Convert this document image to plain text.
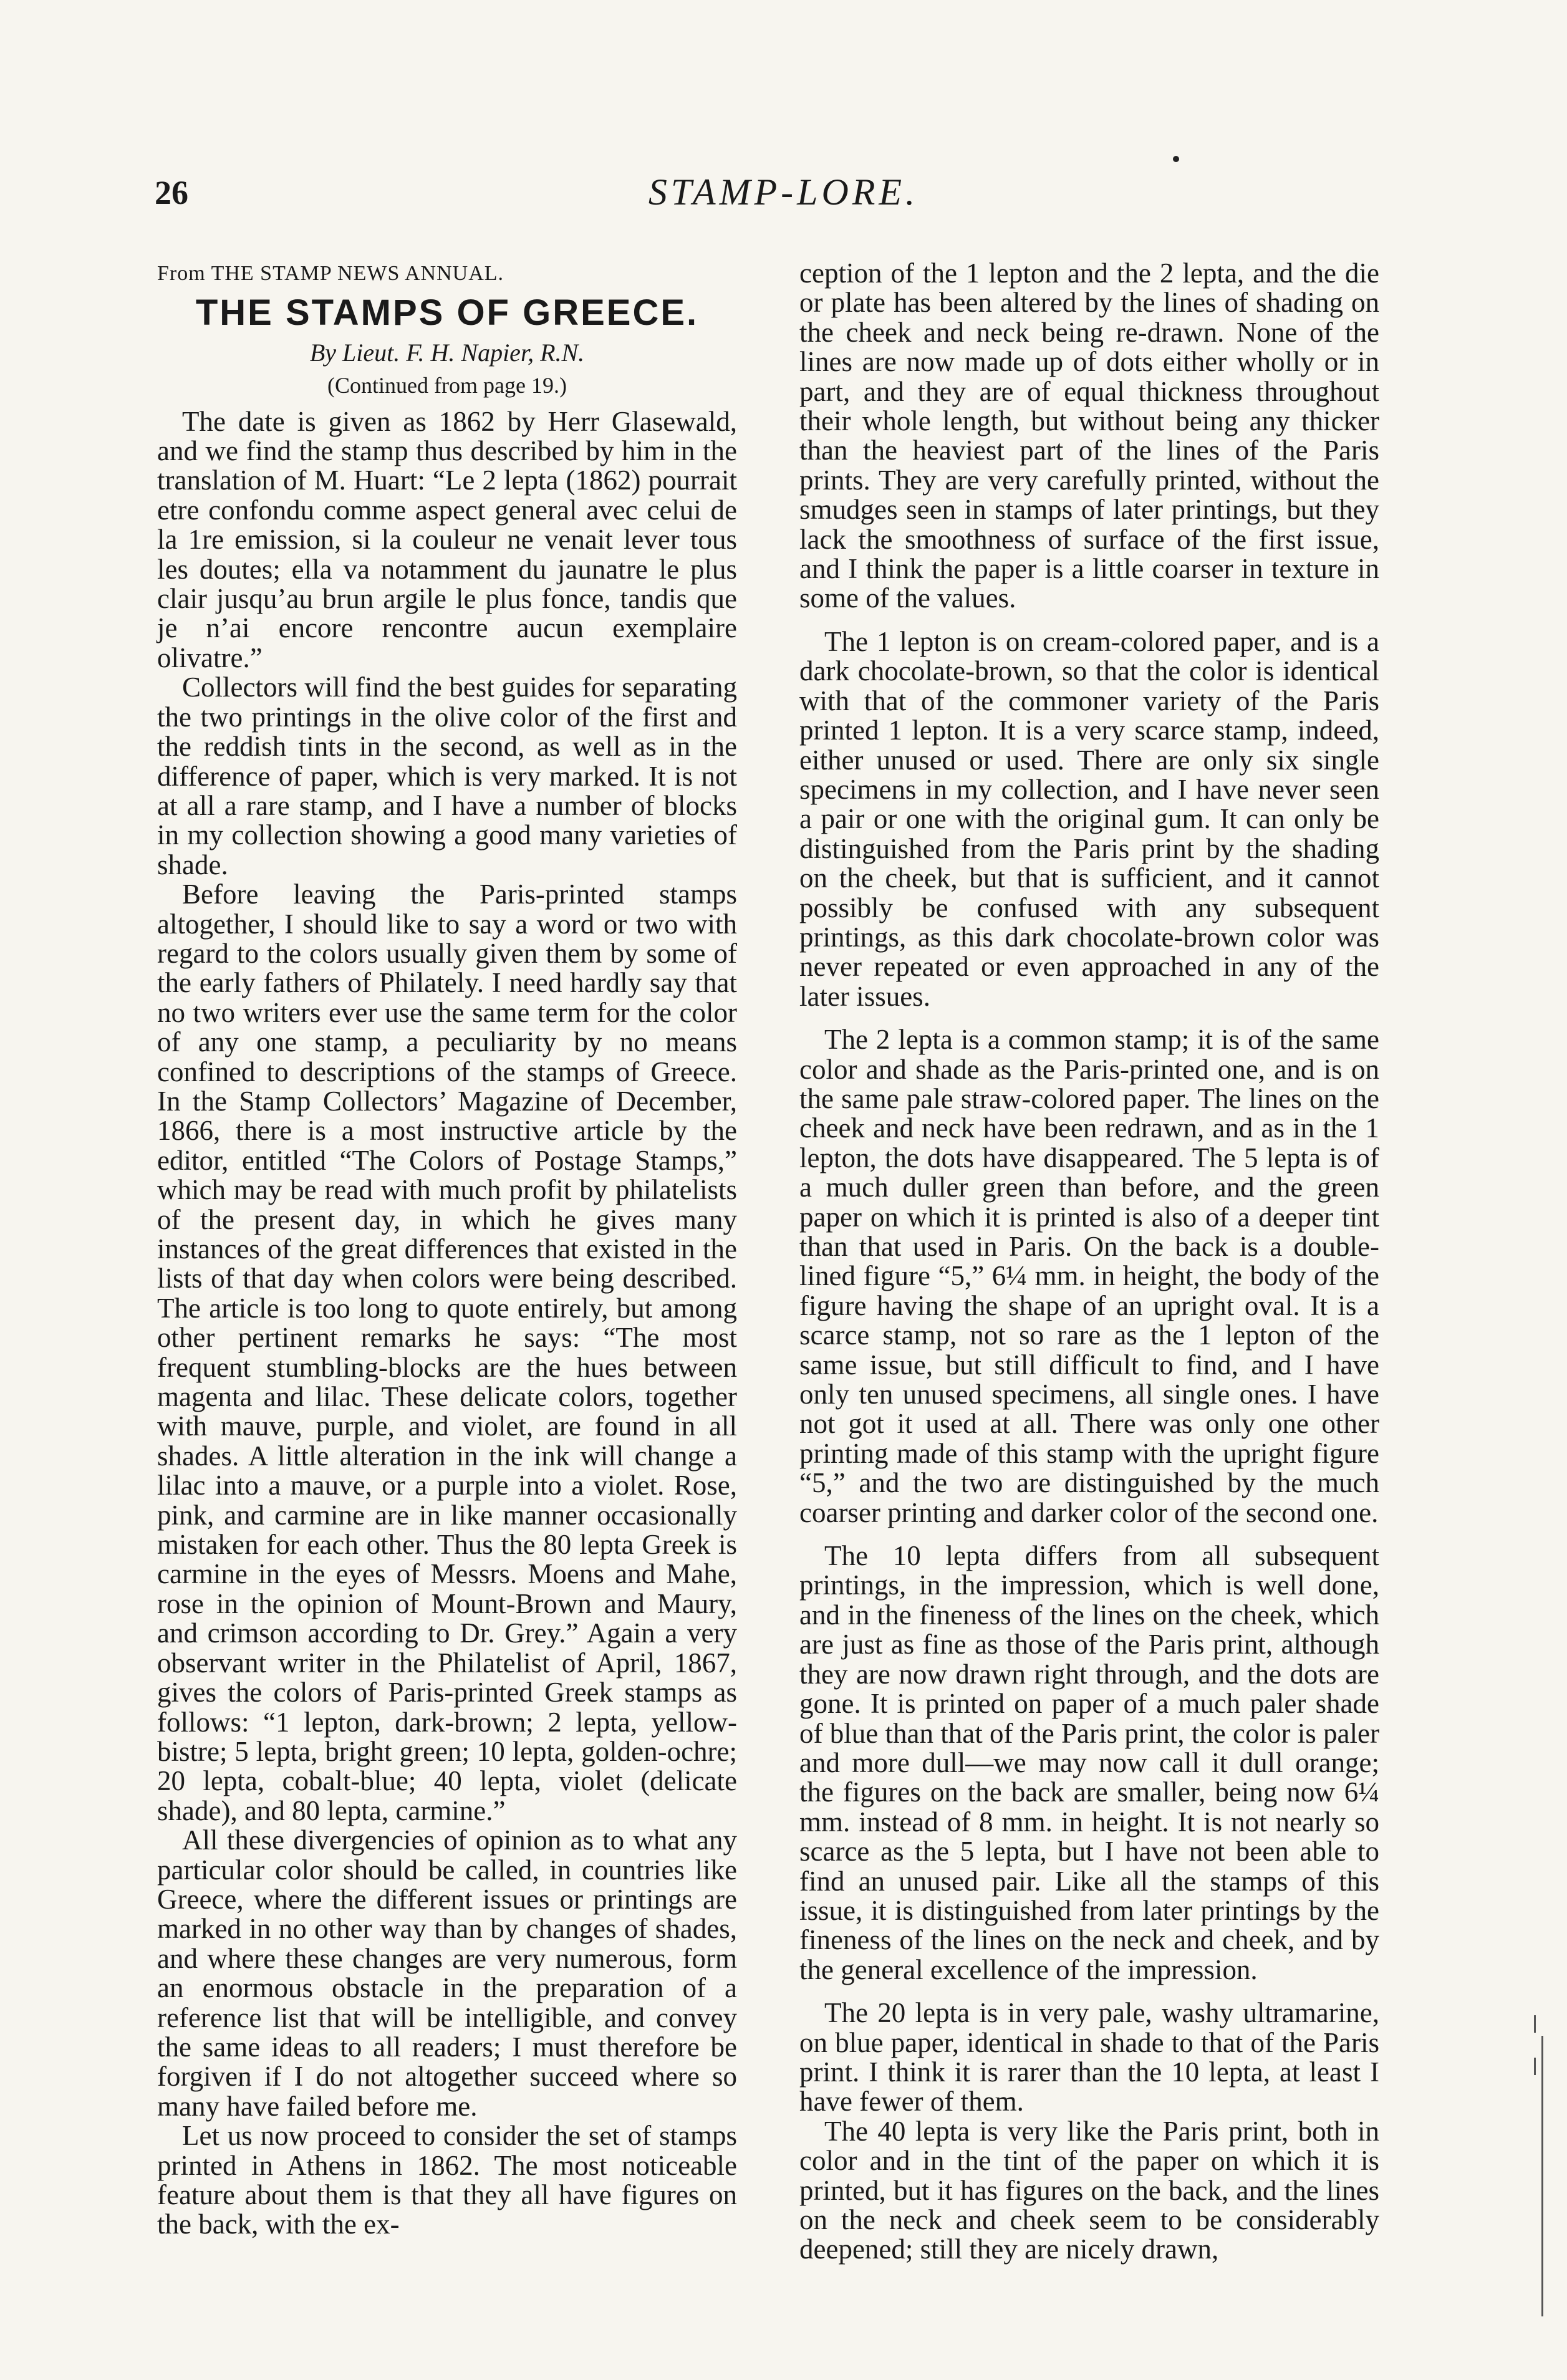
26	STAMP-LORE.
From THE STAMP NEWS ANNUAL.
THE STAMPS OF GREECE.
By Lieut. F. H. Napier, R.N.
(Continued from page 19.)

The date is given as 1862 by Herr Glasewald, and we find the stamp thus described by him in the translation of M. Huart: “Le 2 lepta (1862) pourrait etre confondu comme aspect general avec celui de la 1re emission, si la couleur ne venait lever tous les doutes; ella va notamment du jaunatre le plus clair jusqu’au brun argile le plus fonce, tandis que je n’ai encore rencontre aucun exemplaire olivatre.”

Collectors will find the best guides for separating the two printings in the olive color of the first and the reddish tints in the second, as well as in the difference of paper, which is very marked. It is not at all a rare stamp, and I have a number of blocks in my collection showing a good many varieties of shade.

Before leaving the Paris-printed stamps altogether, I should like to say a word or two with regard to the colors usually given them by some of the early fathers of Philately. I need hardly say that no two writers ever use the same term for the color of any one stamp, a peculiarity by no means confined to descriptions of the stamps of Greece. In the Stamp Collectors’ Magazine of December, 1866, there is a most instructive article by the editor, entitled “The Colors of Postage Stamps,” which may be read with much profit by philatelists of the present day, in which he gives many instances of the great differences that existed in the lists of that day when colors were being described. The article is too long to quote entirely, but among other pertinent remarks he says: “The most frequent stumbling-blocks are the hues between magenta and lilac. These delicate colors, together with mauve, purple, and violet, are found in all shades. A little alteration in the ink will change a lilac into a mauve, or a purple into a violet. Rose, pink, and carmine are in like manner occasionally mistaken for each other. Thus the 80 lepta Greek is carmine in the eyes of Messrs. Moens and Mahe, rose in the opinion of Mount-Brown and Maury, and crimson according to Dr. Grey.” Again a very observant writer in the Philatelist of April, 1867, gives the colors of Paris-printed Greek stamps as follows: “1 lepton, dark-brown; 2 lepta, yellow-bistre; 5 lepta, bright green; 10 lepta, golden-ochre; 20 lepta, cobalt-blue; 40 lepta, violet (delicate shade), and 80 lepta, carmine.”

All these divergencies of opinion as to what any particular color should be called, in countries like Greece, where the different issues or printings are marked in no other way than by changes of shades, and where these changes are very numerous, form an enormous obstacle in the preparation of a reference list that will be intelligible, and convey the same ideas to all readers; I must therefore be forgiven if I do not altogether succeed where so many have failed before me.

Let us now proceed to consider the set of stamps printed in Athens in 1862. The most noticeable feature about them is that they all have figures on the back, with the ex-

ception of the 1 lepton and the 2 lepta, and the die or plate has been altered by the lines of shading on the cheek and neck being re-drawn. None of the lines are now made up of dots either wholly or in part, and they are of equal thickness throughout their whole length, but without being any thicker than the heaviest part of the lines of the Paris prints. They are very carefully printed, without the smudges seen in stamps of later printings, but they lack the smoothness of surface of the first issue, and I think the paper is a little coarser in texture in some of the values.

The 1 lepton is on cream-colored paper, and is a dark chocolate-brown, so that the color is identical with that of the commoner variety of the Paris printed 1 lepton. It is a very scarce stamp, indeed, either unused or used. There are only six single specimens in my collection, and I have never seen a pair or one with the original gum. It can only be distinguished from the Paris print by the shading on the cheek, but that is sufficient, and it cannot possibly be confused with any subsequent printings, as this dark chocolate-brown color was never repeated or even approached in any of the later issues.

The 2 lepta is a common stamp; it is of the same color and shade as the Paris-printed one, and is on the same pale straw-colored paper. The lines on the cheek and neck have been redrawn, and as in the 1 lepton, the dots have disappeared. The 5 lepta is of a much duller green than before, and the green paper on which it is printed is also of a deeper tint than that used in Paris. On the back is a double-lined figure “5,” 6¼ mm. in height, the body of the figure having the shape of an upright oval. It is a scarce stamp, not so rare as the 1 lepton of the same issue, but still difficult to find, and I have only ten unused specimens, all single ones. I have not got it used at all. There was only one other printing made of this stamp with the upright figure “5,” and the two are distinguished by the much coarser printing and darker color of the second one.

The 10 lepta differs from all subsequent printings, in the impression, which is well done, and in the fineness of the lines on the cheek, which are just as fine as those of the Paris print, although they are now drawn right through, and the dots are gone. It is printed on paper of a much paler shade of blue than that of the Paris print, the color is paler and more dull—we may now call it dull orange; the figures on the back are smaller, being now 6¼ mm. instead of 8 mm. in height. It is not nearly so scarce as the 5 lepta, but I have not been able to find an unused pair. Like all the stamps of this issue, it is distinguished from later printings by the fineness of the lines on the neck and cheek, and by the general excellence of the impression.

The 20 lepta is in very pale, washy ultramarine, on blue paper, identical in shade to that of the Paris print. I think it is rarer than the 10 lepta, at least I have fewer of them.

The 40 lepta is very like the Paris print, both in color and in the tint of the paper on which it is printed, but it has figures on the back, and the lines on the neck and cheek seem to be considerably deepened; still they are nicely drawn,
